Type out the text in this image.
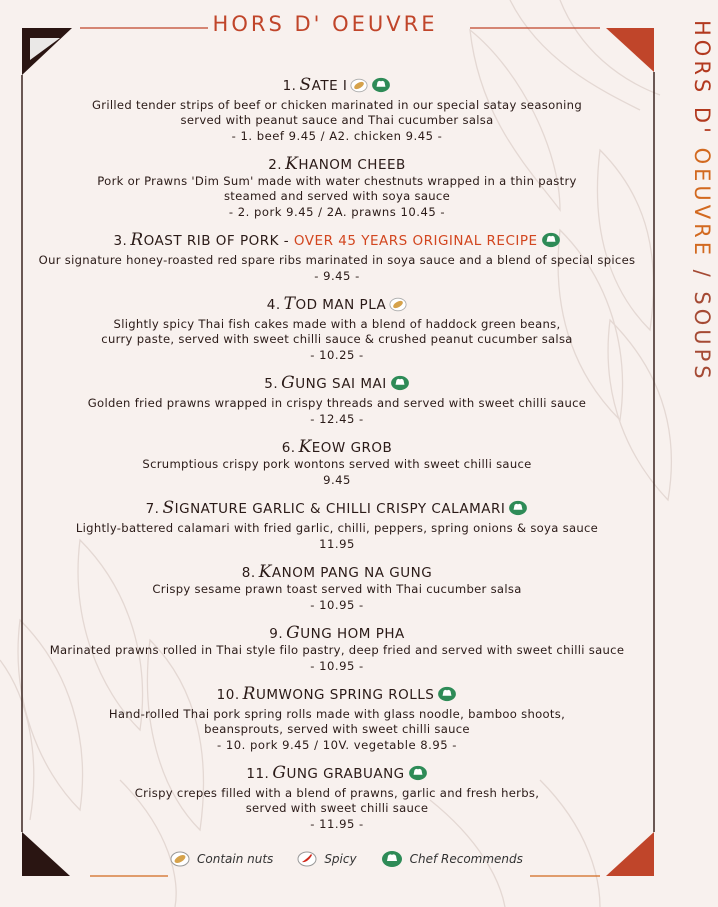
HORS D' OEUVRE	HORS D' OEUVRE / SOUPS
1. SATE I
Grilled tender strips of beef or chicken marinated in our special satay seasoning
served with peanut sauce and Thai cucumber salsa
- 1. beef 9.45 / A2. chicken 9.45 -
2. KHANOM CHEEB
Pork or Prawns 'Dim Sum' made with water chestnuts wrapped in a thin pastry
steamed and served with soya sauce
- 2. pork 9.45 / 2A. prawns 10.45 -
3. ROAST RIB OF PORK - OVER 45 YEARS ORIGINAL RECIPE
Our signature honey-roasted red spare ribs marinated in soya sauce and a blend of special spices
- 9.45 -
4. TOD MAN PLA
Slightly spicy Thai fish cakes made with a blend of haddock green beans,
curry paste, served with sweet chilli sauce & crushed peanut cucumber salsa
- 10.25 -
5. GUNG SAI MAI
Golden fried prawns wrapped in crispy threads and served with sweet chilli sauce
- 12.45 -
6. KEOW GROB
Scrumptious crispy pork wontons served with sweet chilli sauce
9.45
7. SIGNATURE GARLIC & CHILLI CRISPY CALAMARI
Lightly-battered calamari with fried garlic, chilli, peppers, spring onions & soya sauce
11.95
8. KANOM PANG NA GUNG
Crispy sesame prawn toast served with Thai cucumber salsa
- 10.95 -
9. GUNG HOM PHA
Marinated prawns rolled in Thai style filo pastry, deep fried and served with sweet chilli sauce
- 10.95 -
10. RUMWONG SPRING ROLLS
Hand-rolled Thai pork spring rolls made with glass noodle, bamboo shoots,
beansprouts, served with sweet chilli sauce
- 10. pork 9.45 / 10V. vegetable 8.95 -
11. GUNG GRABUANG
Crispy crepes filled with a blend of prawns, garlic and fresh herbs,
served with sweet chilli sauce
- 11.95 -
Contain nuts	Spicy	Chef Recommends
